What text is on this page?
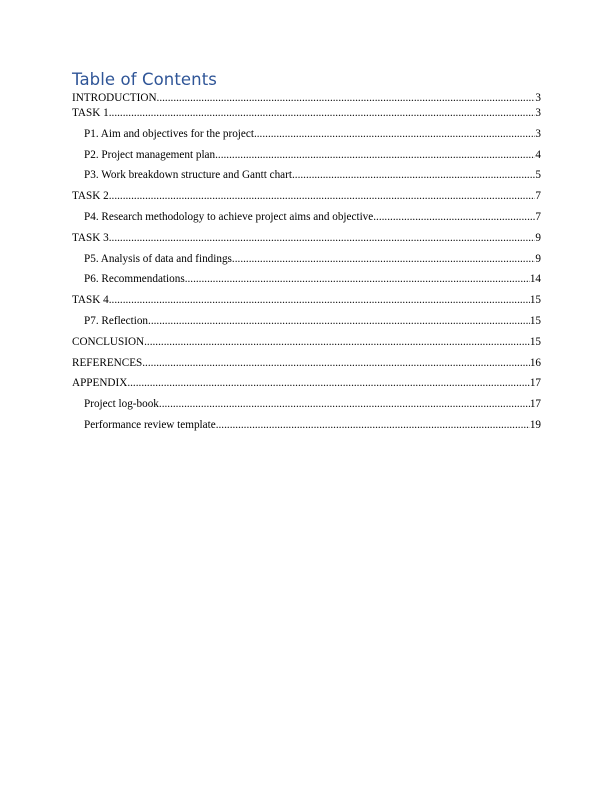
Table of Contents
INTRODUCTION .....	3
TASK 1 .....	3
P1. Aim and objectives for the project .....	3
P2. Project management plan .....	4
P3. Work breakdown structure and Gantt chart .....	5
TASK 2 .....	7
P4. Research methodology to achieve project aims and objective .....	7
TASK 3 .....	9
P5. Analysis of data and findings .....	9
P6. Recommendations .....	14
TASK 4 .....	15
P7. Reflection .....	15
CONCLUSION .....	15
REFERENCES .....	16
APPENDIX .....	17
Project log-book .....	17
Performance review template .....	19
